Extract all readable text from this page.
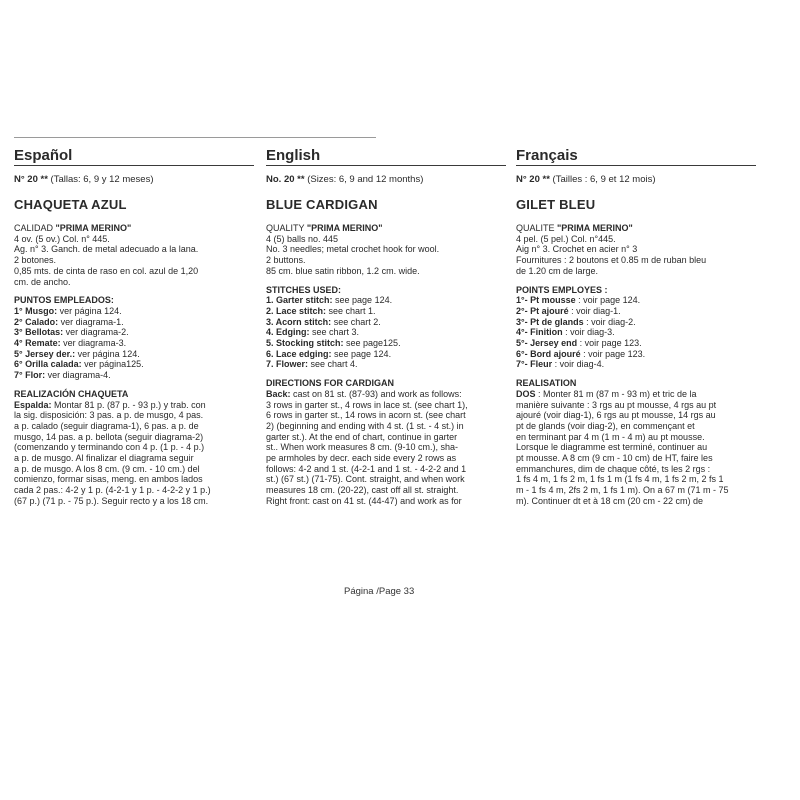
Español
N° 20 ** (Tallas: 6, 9 y 12 meses)
CHAQUETA AZUL
CALIDAD "PRIMA MERINO"
4 ov. (5 ov.) Col. n° 445.
Ag. n° 3. Ganch. de metal adecuado a la lana.
2 botones.
0,85 mts. de cinta de raso en col. azul de 1,20
cm. de ancho.
PUNTOS EMPLEADOS:
1° Musgo: ver página 124.
2° Calado: ver diagrama-1.
3° Bellotas: ver diagrama-2.
4° Remate: ver diagrama-3.
5° Jersey der.: ver página 124.
6° Orilla calada: ver página125.
7° Flor: ver diagrama-4.
REALIZACIÓN CHAQUETA
Espalda: Montar 81 p. (87 p. - 93 p.) y trab. con
la sig. disposición: 3 pas. a p. de musgo, 4 pas.
a p. calado (seguir diagrama-1), 6 pas. a p. de
musgo, 14 pas. a p. bellota (seguir diagrama-2)
(comenzando y terminando con 4 p. (1 p. - 4 p.)
a p. de musgo. Al finalizar el diagrama seguir
a p. de musgo. A los 8 cm. (9 cm. - 10 cm.) del
comienzo, formar sisas, meng. en ambos lados
cada 2 pas.: 4-2 y 1 p. (4-2-1 y 1 p. - 4-2-2 y 1 p.)
(67 p.) (71 p. - 75 p.). Seguir recto y a los 18 cm.
English
No. 20 ** (Sizes: 6, 9 and 12 months)
BLUE CARDIGAN
QUALITY "PRIMA MERINO"
4 (5) balls no. 445
No. 3 needles; metal crochet hook for wool.
2 buttons.
85 cm. blue satin ribbon, 1.2 cm. wide.
STITCHES USED:
1. Garter stitch: see page 124.
2. Lace stitch: see chart 1.
3. Acorn stitch: see chart 2.
4. Edging: see chart 3.
5. Stocking stitch: see page125.
6. Lace edging: see page 124.
7. Flower: see chart 4.
DIRECTIONS FOR CARDIGAN
Back: cast on 81 st. (87-93) and work as follows:
3 rows in garter st., 4 rows in lace st. (see chart 1),
6 rows in garter st., 14 rows in acorn st. (see chart
2) (beginning and ending with 4 st. (1 st. - 4 st.) in
garter st.). At the end of chart, continue in garter
st.. When work measures 8 cm. (9-10 cm.), sha-
pe armholes by decr. each side every 2 rows as
follows: 4-2 and 1 st. (4-2-1 and 1 st. - 4-2-2 and 1
st.) (67 st.) (71-75). Cont. straight, and when work
measures 18 cm. (20-22), cast off all st. straight.
Right front: cast on 41 st. (44-47) and work as for
Français
N° 20 ** (Tailles : 6, 9 et 12 mois)
GILET BLEU
QUALITE "PRIMA MERINO"
4 pel. (5 pel.) Col. n°445.
Aig n° 3. Crochet en acier n° 3
Fournitures : 2 boutons et 0.85 m de ruban bleu
de 1.20 cm de large.
POINTS EMPLOYES :
1°- Pt mousse : voir page 124.
2°- Pt ajouré : voir diag-1.
3°- Pt de glands : voir diag-2.
4°- Finition : voir diag-3.
5°- Jersey end : voir page 123.
6°- Bord ajouré : voir page 123.
7°- Fleur : voir diag-4.
REALISATION
DOS : Monter 81 m (87 m - 93 m) et tric de la
manière suivante : 3 rgs au pt mousse, 4 rgs au pt
ajouré (voir diag-1), 6 rgs au pt mousse, 14 rgs au
pt de glands (voir diag-2), en commençant et
en terminant par 4 m (1 m - 4 m) au pt mousse.
Lorsque le diagramme est terminé, continuer au
pt mousse. A 8 cm (9 cm - 10 cm) de HT, faire les
emmanchures, dim de chaque côté, ts les 2 rgs :
1 fs 4 m, 1 fs 2 m, 1 fs 1 m (1 fs 4 m, 1 fs 2 m, 2 fs 1
m - 1 fs 4 m, 2fs 2 m, 1 fs 1 m). On a 67 m (71 m - 75
m). Continuer dt et à 18 cm (20 cm - 22 cm) de
Página /Page 33
